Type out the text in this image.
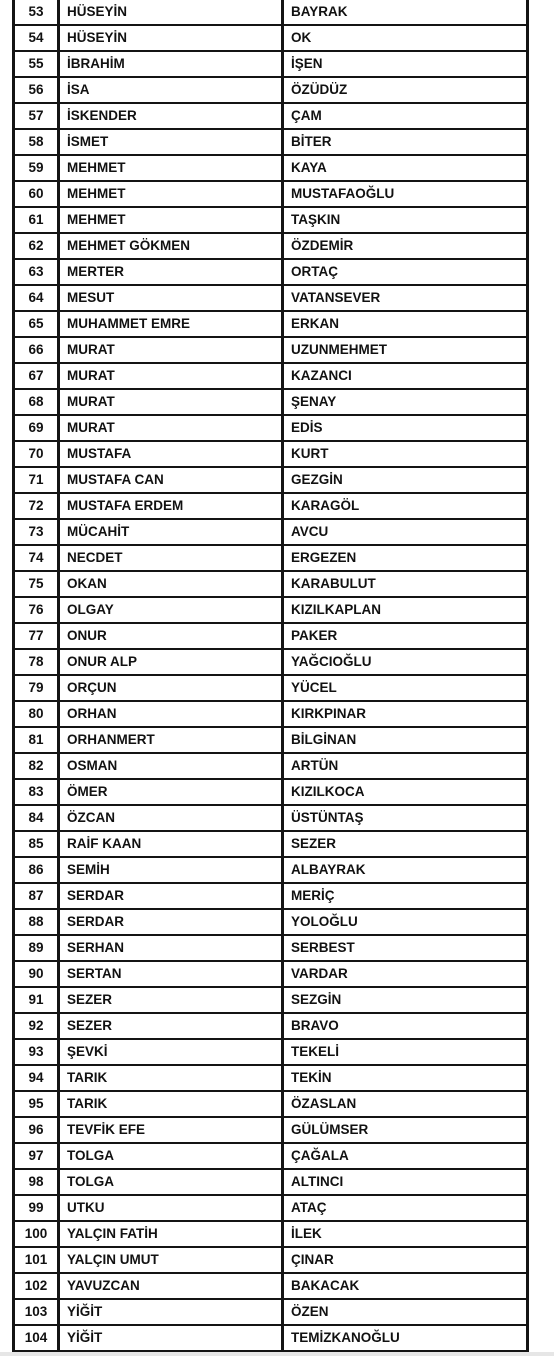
53	HÜSEYİN	BAYRAK
54	HÜSEYİN	OK
55	İBRAHİM	İŞEN
56	İSA	ÖZÜDÜZ
57	İSKENDER	ÇAM
58	İSMET	BİTER
59	MEHMET	KAYA
60	MEHMET	MUSTAFAOĞLU
61	MEHMET	TAŞKIN
62	MEHMET GÖKMEN	ÖZDEMİR
63	MERTER	ORTAÇ
64	MESUT	VATANSEVER
65	MUHAMMET EMRE	ERKAN
66	MURAT	UZUNMEHMET
67	MURAT	KAZANCI
68	MURAT	ŞENAY
69	MURAT	EDİS
70	MUSTAFA	KURT
71	MUSTAFA CAN	GEZGİN
72	MUSTAFA ERDEM	KARAGÖL
73	MÜCAHİT	AVCU
74	NECDET	ERGEZEN
75	OKAN	KARABULUT
76	OLGAY	KIZILKAPLAN
77	ONUR	PAKER
78	ONUR ALP	YAĞCIOĞLU
79	ORÇUN	YÜCEL
80	ORHAN	KIRKPINAR
81	ORHANMERT	BİLGİNAN
82	OSMAN	ARTÜN
83	ÖMER	KIZILKOCA
84	ÖZCAN	ÜSTÜNTAŞ
85	RAİF KAAN	SEZER
86	SEMİH	ALBAYRAK
87	SERDAR	MERİÇ
88	SERDAR	YOLOĞLU
89	SERHAN	SERBEST
90	SERTAN	VARDAR
91	SEZER	SEZGİN
92	SEZER	BRAVO
93	ŞEVKİ	TEKELİ
94	TARIK	TEKİN
95	TARIK	ÖZASLAN
96	TEVFİK EFE	GÜLÜMSER
97	TOLGA	ÇAĞALA
98	TOLGA	ALTINCI
99	UTKU	ATAÇ
100	YALÇIN FATİH	İLEK
101	YALÇIN UMUT	ÇINAR
102	YAVUZCAN	BAKACAK
103	YİĞİT	ÖZEN
104	YİĞİT	TEMİZKANOĞLU
